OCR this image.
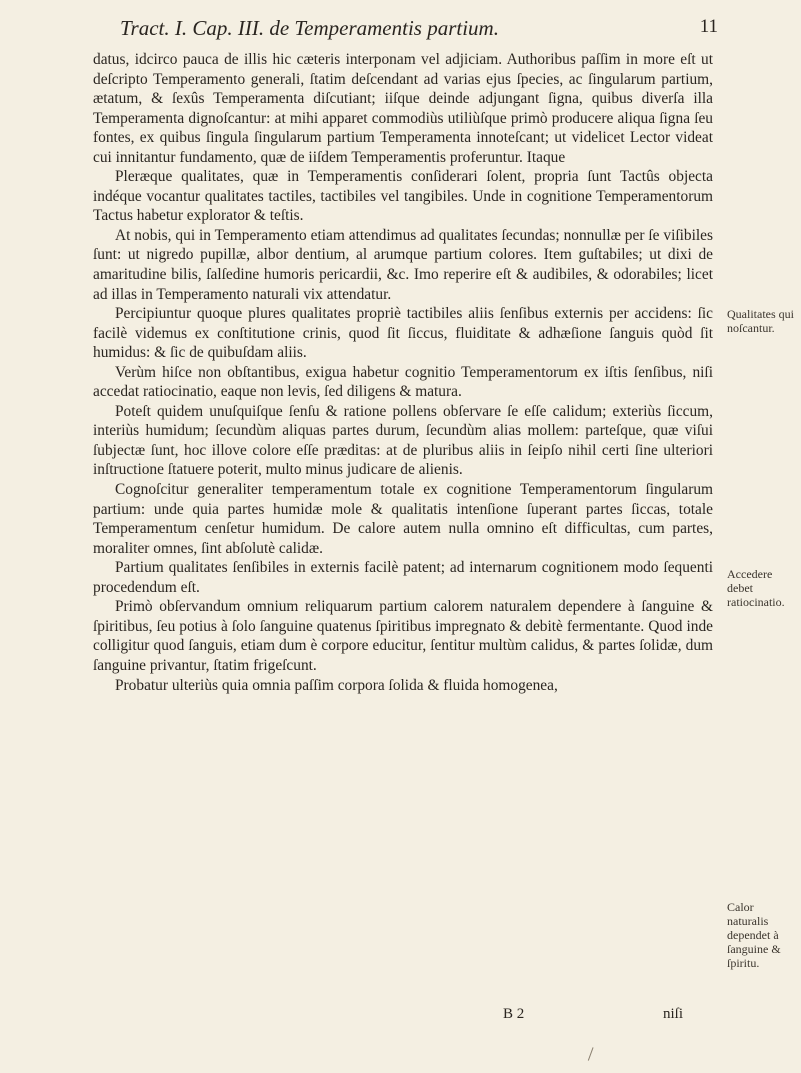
Tract. I. Cap. III. de Temperamentis partium.	11

datus, idcirco pauca de illis hic cæteris interponam vel adjiciam. Authoribus paſſim in more eſt ut deſcripto Temperamento generali, ſtatim deſcendant ad varias ejus ſpecies, ac ſingularum partium, ætatum, & ſexûs Temperamenta diſcutiant; iiſque deinde adjungant ſigna, quibus diverſa illa Temperamenta dignoſcantur: at mihi apparet commodiùs utiliùſque primò producere aliqua ſigna ſeu fontes, ex quibus ſingula ſingularum partium Temperamenta innoteſcant; ut videlicet Lector videat cui innitantur fundamento, quæ de iiſdem Temperamentis proferuntur. Itaque

Pleræque qualitates, quæ in Temperamentis conſiderari ſolent, propria ſunt Tactûs objecta indéque vocantur qualitates tactiles, tactibiles vel tangibiles. Unde in cognitione Temperamentorum Tactus habetur explorator & teſtis.

At nobis, qui in Temperamento etiam attendimus ad qualitates ſecundas; nonnullæ per ſe viſibiles ſunt: ut nigredo pupillæ, albor dentium, al arumque partium colores. Item guſtabiles; ut dixi de amaritudine bilis, ſalſedine humoris pericardii, &c. Imo reperire eſt & audibiles, & odorabiles; licet ad illas in Temperamento naturali vix attendatur.

Percipiuntur quoque plures qualitates propriè tactibiles aliis ſenſibus externis per accidens: ſic facilè videmus ex conſtitutione crinis, quod ſit ſiccus, fluiditate & adhæſione ſanguis quòd ſit humidus: & ſic de quibuſdam aliis.

Verùm hiſce non obſtantibus, exigua habetur cognitio Temperamentorum ex iſtis ſenſibus, niſi accedat ratiocinatio, eaque non levis, ſed diligens & matura.

Poteſt quidem unuſquiſque ſenſu & ratione pollens obſervare ſe eſſe calidum; exteriùs ſiccum, interiùs humidum; ſecundùm aliquas partes durum, ſecundùm alias mollem: parteſque, quæ viſui ſubjectæ ſunt, hoc illove colore eſſe præditas: at de pluribus aliis in ſeipſo nihil certi ſine ulteriori inſtructione ſtatuere poterit, multo minus judicare de alienis.

Cognoſcitur generaliter temperamentum totale ex cognitione Temperamentorum ſingularum partium: unde quia partes humidæ mole & qualitatis intenſione ſuperant partes ſiccas, totale Temperamentum cenſetur humidum. De calore autem nulla omnino eſt difficultas, cum partes, moraliter omnes, ſint abſolutè calidæ.

Partium qualitates ſenſibiles in externis facilè patent; ad internarum cognitionem modo ſequenti procedendum eſt.

Primò obſervandum omnium reliquarum partium calorem naturalem dependere à ſanguine & ſpiritibus, ſeu potius à ſolo ſanguine quatenus ſpiritibus impregnato & debitè fermentante. Quod inde colligitur quod ſanguis, etiam dum è corpore educitur, ſentitur multùm calidus, & partes ſolidæ, dum ſanguine privantur, ſtatim frigeſcunt.

Probatur ulteriùs quia omnia paſſim corpora ſolida & fluida homogenea,

Qualitates qui noſcantur.
Accedere debet ratiocinatio.
Calor naturalis dependet à ſanguine & ſpiritu.
B 2	niſi
